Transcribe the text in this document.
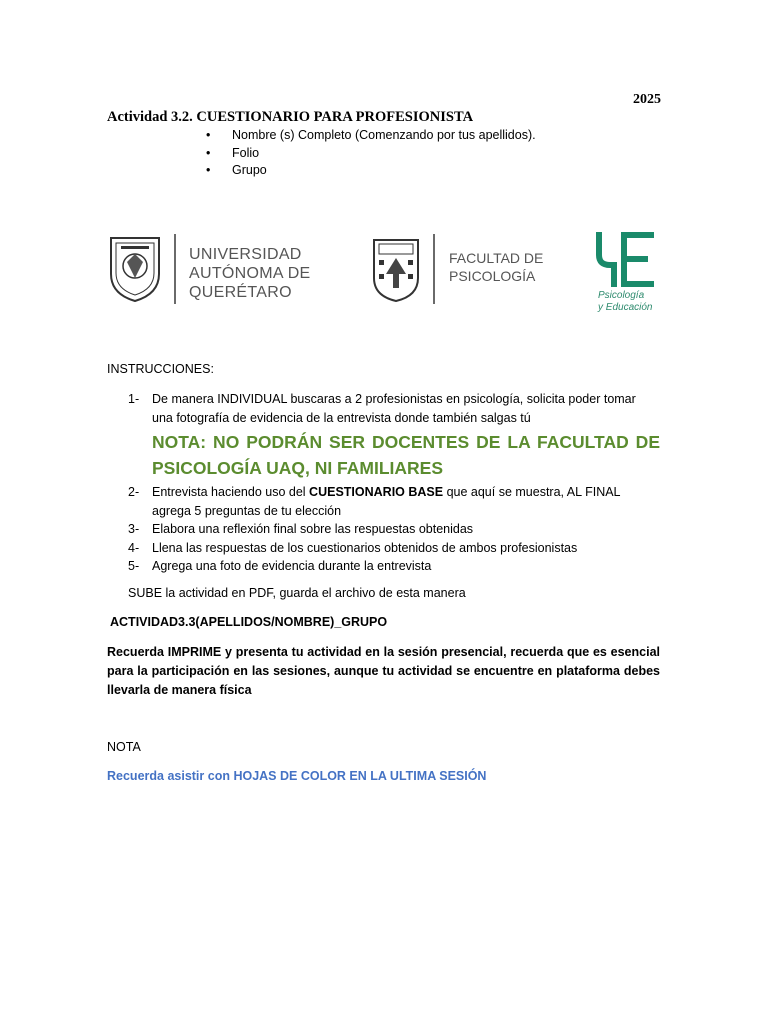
2025
Actividad 3.2. CUESTIONARIO PARA PROFESIONISTA
• Nombre (s) Completo (Comenzando por tus apellidos).
• Folio
• Grupo
UNIVERSIDAD
AUTÓNOMA DE
QUERÉTARO
FACULTAD DE
PSICOLOGÍA
Psicología
y Educación
INSTRUCCIONES:
1- De manera INDIVIDUAL buscaras a 2 profesionistas en psicología, solicita poder tomar una fotografía de evidencia de la entrevista donde también salgas tú
NOTA: NO PODRÁN SER DOCENTES DE LA FACULTAD DE PSICOLOGÍA UAQ, NI FAMILIARES
2- Entrevista haciendo uso del CUESTIONARIO BASE que aquí se muestra, AL FINAL agrega 5 preguntas de tu elección
3- Elabora una reflexión final sobre las respuestas obtenidas
4- Llena las respuestas de los cuestionarios obtenidos de ambos profesionistas
5- Agrega una foto de evidencia durante la entrevista
SUBE la actividad en PDF, guarda el archivo de esta manera
ACTIVIDAD3.3(APELLIDOS/NOMBRE)_GRUPO
Recuerda IMPRIME y presenta tu actividad en la sesión presencial, recuerda que es esencial para la participación en las sesiones, aunque tu actividad se encuentre en plataforma debes llevarla de manera física
NOTA
Recuerda asistir con HOJAS DE COLOR EN LA ULTIMA SESIÓN
